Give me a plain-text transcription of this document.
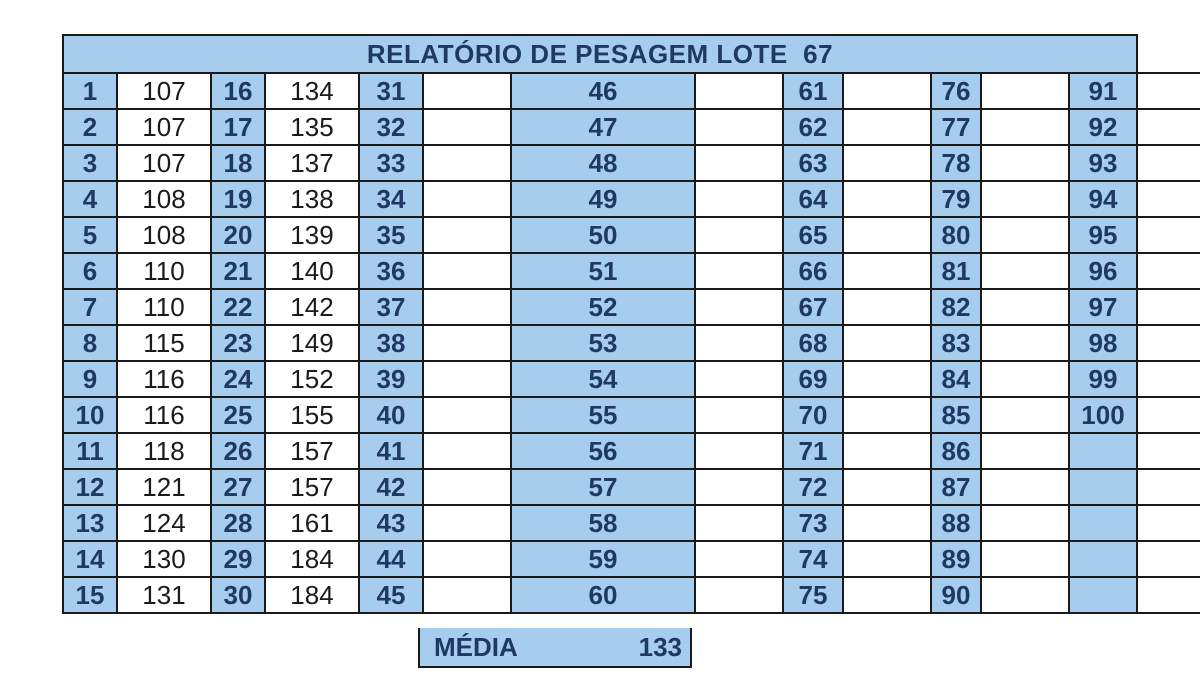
RELATÓRIO DE PESAGEM LOTE  67
1	107	16	134	31		46		61		76		91	
2	107	17	135	32		47		62		77		92	
3	107	18	137	33		48		63		78		93	
4	108	19	138	34		49		64		79		94	
5	108	20	139	35		50		65		80		95	
6	110	21	140	36		51		66		81		96	
7	110	22	142	37		52		67		82		97	
8	115	23	149	38		53		68		83		98	
9	116	24	152	39		54		69		84		99	
10	116	25	155	40		55		70		85		100	
11	118	26	157	41		56		71		86			
12	121	27	157	42		57		72		87			
13	124	28	161	43		58		73		88			
14	130	29	184	44		59		74		89			
15	131	30	184	45		60		75		90			
MÉDIA	133
